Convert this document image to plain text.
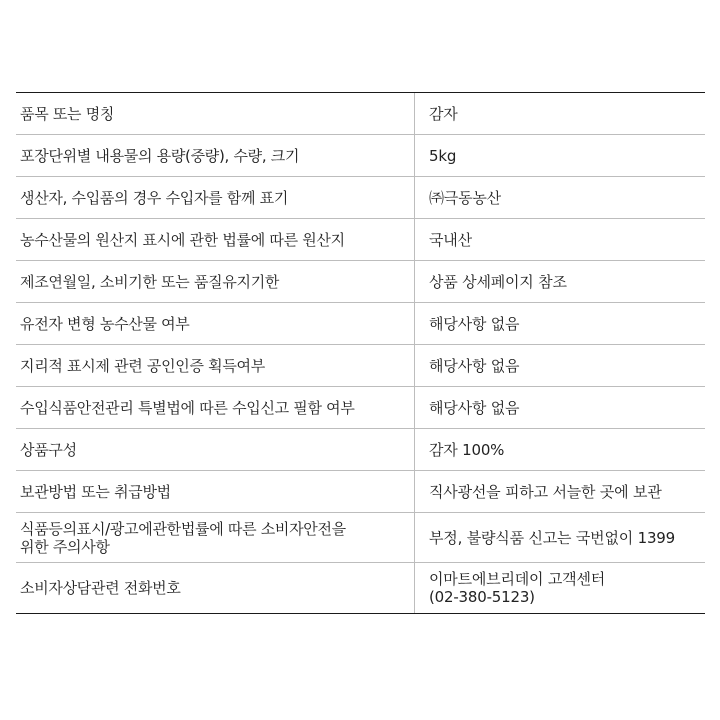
품목 또는 명칭	감자
포장단위별 내용물의 용량(중량), 수량, 크기	5kg
생산자, 수입품의 경우 수입자를 함께 표기	㈜극동농산
농수산물의 원산지 표시에 관한 법률에 따른 원산지	국내산
제조연월일, 소비기한 또는 품질유지기한	상품 상세페이지 참조
유전자 변형 농수산물 여부	해당사항 없음
지리적 표시제 관련 공인인증 획득여부	해당사항 없음
수입식품안전관리 특별법에 따른 수입신고 필함 여부	해당사항 없음
상품구성	감자 100%
보관방법 또는 취급방법	직사광선을 피하고 서늘한 곳에 보관
식품등의표시/광고에관한법률에 따른 소비자안전을
위한 주의사항	부정, 불량식품 신고는 국번없이 1399
소비자상담관련 전화번호	이마트에브리데이 고객센터
(02-380-5123)
